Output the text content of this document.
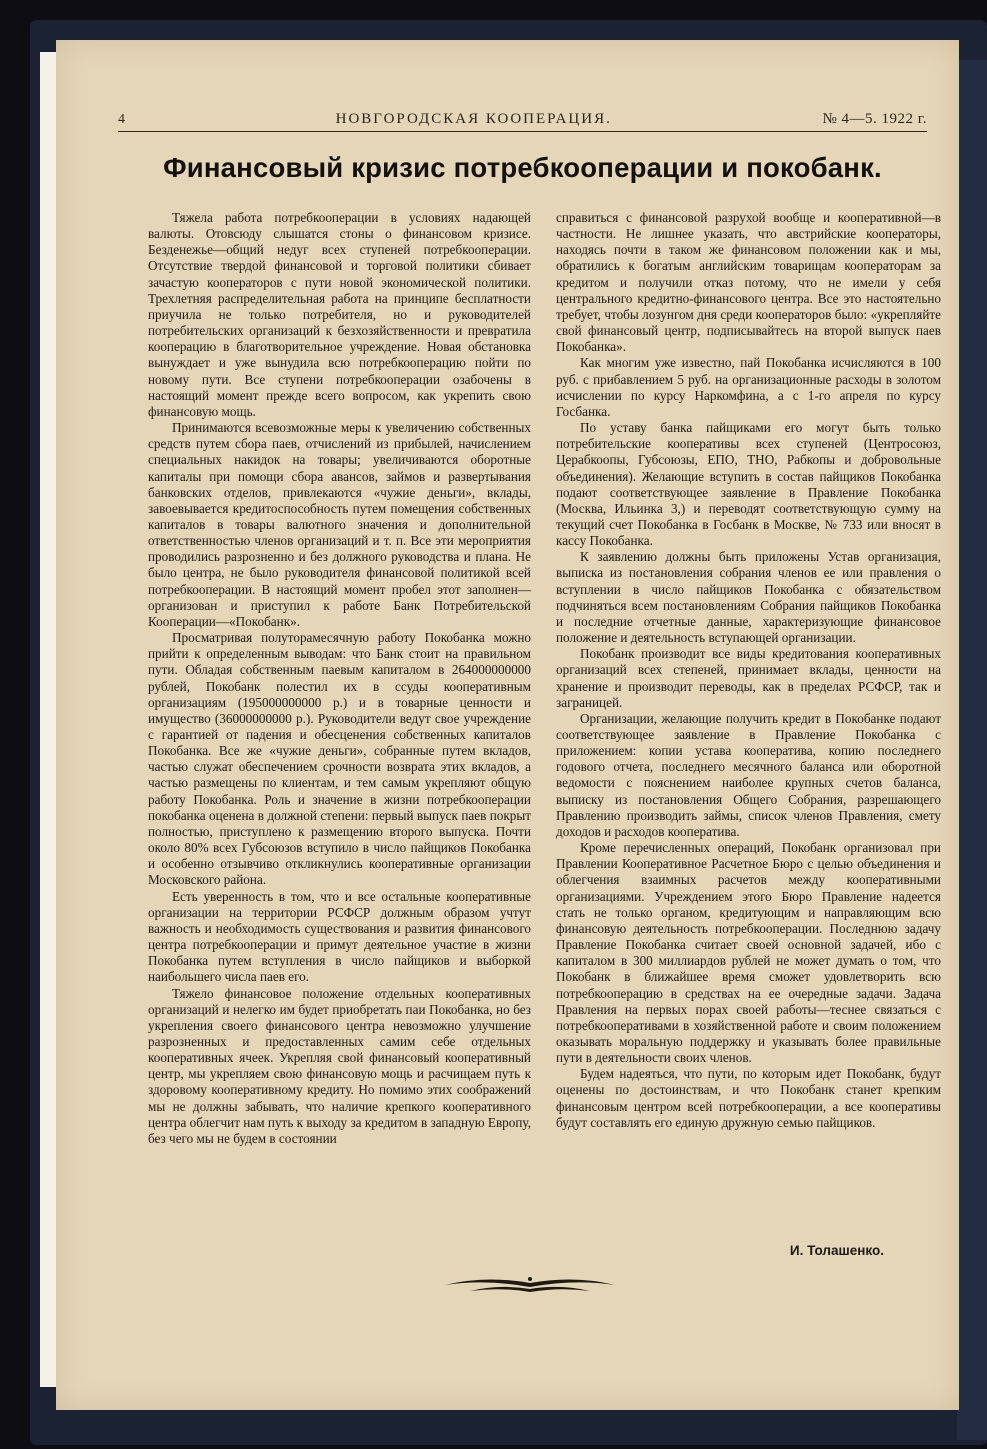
4	НОВГОРОДСКАЯ КООПЕРАЦИЯ.	№ 4—5. 1922 г.
Финансовый кризис потребкооперации и покобанк.

Тяжела работа потребкооперации в условиях надающей валюты. Отовсюду слышатся стоны о финансовом кризисе. Безденежье—общий недуг всех ступеней потребкооперации. Отсутствие твердой финансовой и торговой политики сбивает зачастую кооператоров с пути новой экономической политики. Трехлетняя распределительная работа на принципе бесплатности приучила не только потребителя, но и руководителей потребительских организаций к безхозяйственности и превратила кооперацию в благотворительное учреждение. Новая обстановка вынуждает и уже вынудила всю потребкооперацию пойти по новому пути. Все ступени потребкооперации озабочены в настоящий момент прежде всего вопросом, как укрепить свою финансовую мощь.

Принимаются всевозможные меры к увеличению собственных средств путем сбора паев, отчислений из прибылей, начислением специальных накидок на товары; увеличиваются оборотные капиталы при помощи сбора авансов, займов и развертывания банковских отделов, привлекаются «чужие деньги», вклады, завоевывается кредитоспособность путем помещения собственных капиталов в товары валютного значения и дополнительной ответственностью членов организаций и т. п. Все эти мероприятия проводились разрозненно и без должного руководства и плана. Не было центра, не было руководителя финансовой политикой всей потребкооперации. В настоящий момент пробел этот заполнен—организован и приступил к работе Банк Потребительской Кооперации—«Покобанк».

Просматривая полуторамесячную работу Покобанка можно прийти к определенным выводам: что Банк стоит на правильном пути. Обладая собственным паевым капиталом в 264000000000 рублей, Покобанк полестил их в ссуды кооперативным организациям (195000000000 р.) и в товарные ценности и имущество (36000000000 р.). Руководители ведут свое учреждение с гарантией от падения и обесценения собственных капиталов Покобанка. Все же «чужие деньги», собранные путем вкладов, частью служат обеспечением срочности возврата этих вкладов, а частью размещены по клиентам, и тем самым укрепляют общую работу Покобанка. Роль и значение в жизни потребкооперации покобанка оценена в должной степени: первый выпуск паев покрыт полностью, приступлено к размещению второго выпуска. Почти около 80% всех Губсоюзов вступило в число пайщиков Покобанка и особенно отзывчиво откликнулись кооперативные организации Московского района.

Есть уверенность в том, что и все остальные кооперативные организации на территории РСФСР должным образом учтут важность и необходимость существования и развития финансового центра потребкооперации и примут деятельное участие в жизни Покобанка путем вступления в число пайщиков и выборкой наибольшего числа паев его.

Тяжело финансовое положение отдельных кооперативных организаций и нелегко им будет приобретать паи Покобанка, но без укрепления своего финансового центра невозможно улучшение разрозненных и предоставленных самим себе отдельных кооперативных ячеек. Укрепляя свой финансовый кооперативный центр, мы укрепляем свою финансовую мощь и расчищаем путь к здоровому кооперативному кредиту. Но помимо этих соображений мы не должны забывать, что наличие крепкого кооперативного центра облегчит нам путь к выходу за кредитом в западную Европу, без чего мы не будем в состоянии

справиться с финансовой разрухой вообще и кооперативной—в частности. Не лишнее указать, что австрийские кооператоры, находясь почти в таком же финансовом положении как и мы, обратились к богатым английским товарищам кооператорам за кредитом и получили отказ потому, что не имели у себя центрального кредитно-финансового центра. Все это настоятельно требует, чтобы лозунгом дня среди кооператоров было: «укрепляйте свой финансовый центр, подписывайтесь на второй выпуск паев Покобанка».

Как многим уже известно, пай Покобанка исчисляются в 100 руб. с прибавлением 5 руб. на организационные расходы в золотом исчислении по курсу Наркомфина, а с 1-го апреля по курсу Госбанка.

По уставу банка пайщиками его могут быть только потребительские кооперативы всех ступеней (Центросоюз, Церабкоопы, Губсоюзы, ЕПО, ТНО, Рабкопы и добровольные объединения). Желающие вступить в состав пайщиков Покобанка подают соответствующее заявление в Правление Покобанка (Москва, Ильинка 3,) и переводят соответствующую сумму на текущий счет Покобанка в Госбанк в Москве, № 733 или вносят в кассу Покобанка.

К заявлению должны быть приложены Устав организация, выписка из постановления собрания членов ее или правления о вступлении в число пайщиков Покобанка с обязательством подчиняться всем постановлениям Собрания пайщиков Покобанка и последние отчетные данные, характеризующие финансовое положение и деятельность вступающей организации.

Покобанк производит все виды кредитования кооперативных организаций всех степеней, принимает вклады, ценности на хранение и производит переводы, как в пределах РСФСР, так и заграницей.

Организации, желающие получить кредит в Покобанке подают соответствующее заявление в Правление Покобанка с приложением: копии устава кооператива, копию последнего годового отчета, последнего месячного баланса или оборотной ведомости с пояснением наиболее крупных счетов баланса, выписку из постановления Общего Собрания, разрешающего Правлению производить займы, список членов Правления, смету доходов и расходов кооператива.

Кроме перечисленных операций, Покобанк организовал при Правлении Кооперативное Расчетное Бюро с целью объединения и облегчения взаимных расчетов между кооперативными организациями. Учреждением этого Бюро Правление надеется стать не только органом, кредитующим и направляющим всю финансовую деятельность потребкооперации. Последнюю задачу Правление Покобанка считает своей основной задачей, ибо с капиталом в 300 миллиардов рублей не может думать о том, что Покобанк в ближайшее время сможет удовлетворить всю потребкооперацию в средствах на ее очередные задачи. Задача Правления на первых порах своей работы—теснее связаться с потребкооперативами в хозяйственной работе и своим положением оказывать моральную поддержку и указывать более правильные пути в деятельности своих членов.

Будем надеяться, что пути, по которым идет Покобанк, будут оценены по достоинствам, и что Покобанк станет крепким финансовым центром всей потребкооперации, а все кооперативы будут составлять его единую дружную семью пайщиков.

И. Толашенко.
